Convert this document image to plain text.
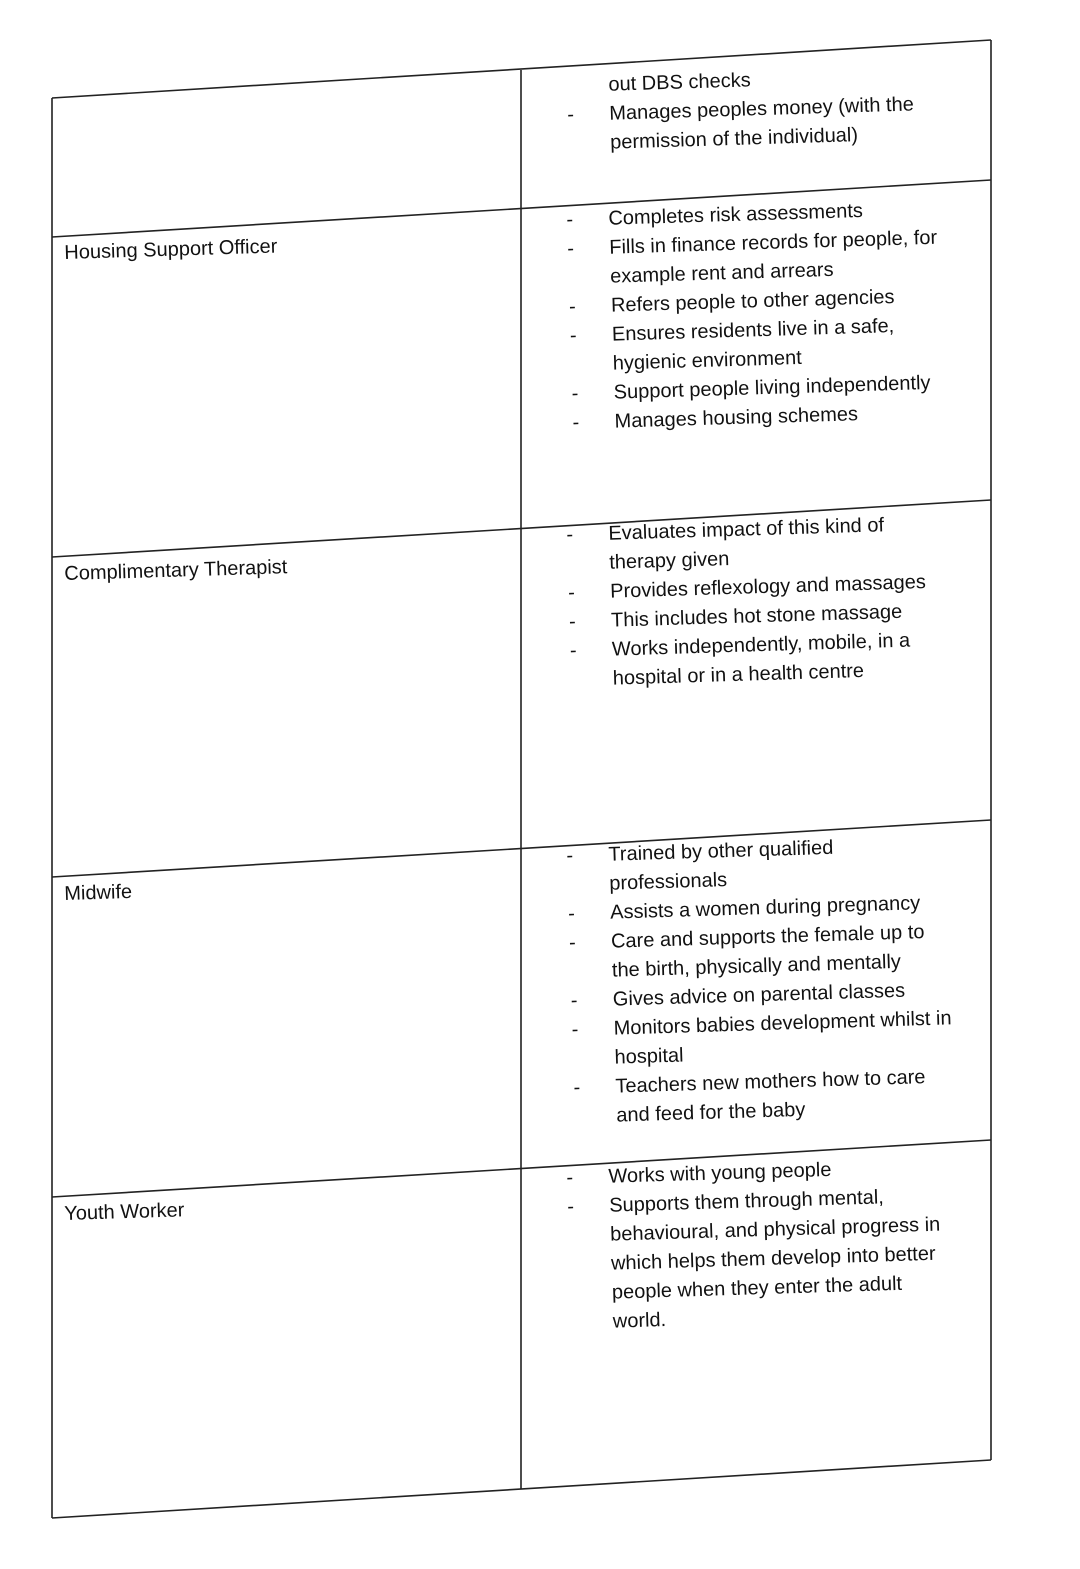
out DBS checks

- Manages peoples money (with the permission of the individual)

Housing Support Officer

- Completes risk assessments

- Fills in finance records for people, for example rent and arrears

- Refers people to other agencies

- Ensures residents live in a safe, hygienic environment

- Support people living independently

- Manages housing schemes

Complimentary Therapist

- Evaluates impact of this kind of therapy given

- Provides reflexology and massages

- This includes hot stone massage

- Works independently, mobile, in a hospital or in a health centre

Midwife

- Trained by other qualified professionals

- Assists a women during pregnancy

- Care and supports the female up to the birth, physically and mentally

- Gives advice on parental classes

- Monitors babies development whilst in hospital

- Teachers new mothers how to care and feed for the baby

Youth Worker

- Works with young people

- Supports them through mental, behavioural, and physical progress in which helps them develop into better people when they enter the adult world.
